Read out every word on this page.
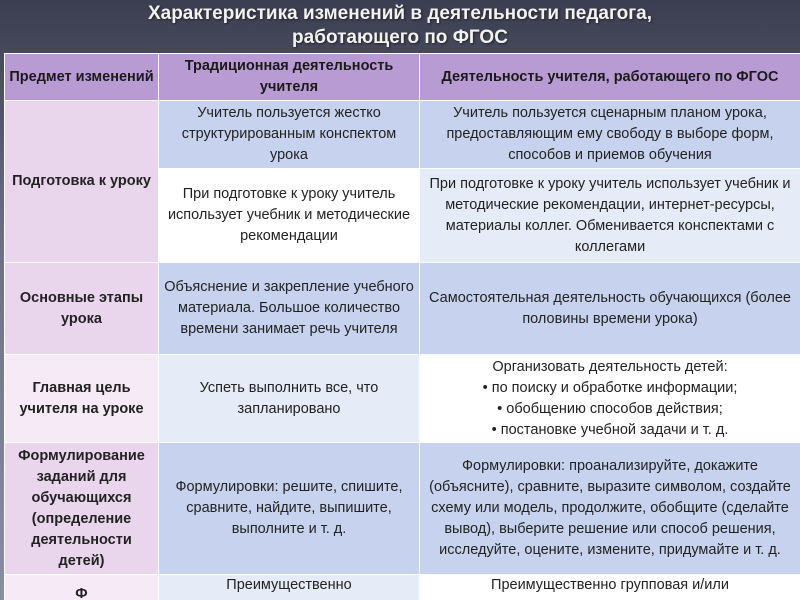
Характеристика изменений в деятельности педагога,
работающего по ФГОС
Предмет изменений	Традиционная деятельность учителя	Деятельность учителя, работающего по ФГОС
Подготовка к уроку	Учитель пользуется жестко структурированным конспектом урока	Учитель пользуется сценарным планом урока, предоставляющим ему свободу в выборе форм, способов и приемов обучения
	При подготовке к уроку учитель использует учебник и методические рекомендации	При подготовке к уроку учитель использует учебник и методические рекомендации, интернет-ресурсы, материалы коллег. Обменивается конспектами с коллегами
Основные этапы урока	Объяснение и закрепление учебного материала. Большое количество времени занимает речь учителя	Самостоятельная деятельность обучающихся (более половины времени урока)
Главная цель учителя на уроке	Успеть выполнить все, что запланировано	Организовать деятельность детей:
• по поиску и обработке информации;
• обобщению способов действия;
• постановке учебной задачи и т. д.

Формулирование заданий для обучающихся (определение деятельности детей)	Формулировки: решите, спишите, сравните, найдите, выпишите, выполните и т. д.	Формулировки: проанализируйте, докажите (объясните), сравните, выразите символом, создайте схему или модель, продолжите, обобщите (сделайте вывод), выберите решение или способ решения, исследуйте, оцените, измените, придумайте и т. д.
Ф	Преимущественно	Преимущественно групповая и/или
